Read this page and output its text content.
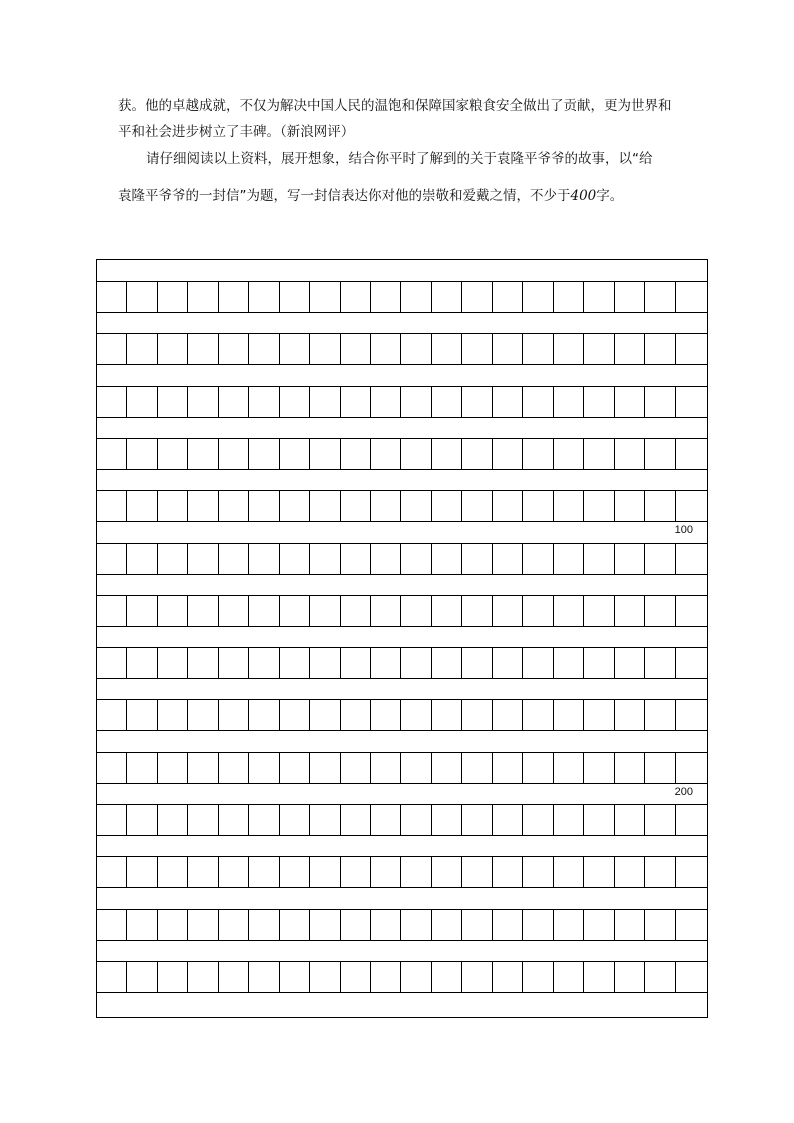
获。他的卓越成就，不仅为解决中国人民的温饱和保障国家粮食安全做出了贡献，更为世界和平和社会进步树立了丰碑。（新浪网评）

请仔细阅读以上资料，展开想象，结合你平时了解到的关于袁隆平爷爷的故事，以“给
袁隆平爷爷的一封信”为题，写一封信表达你对他的崇敬和爱戴之情，不少于400字。

100
200
